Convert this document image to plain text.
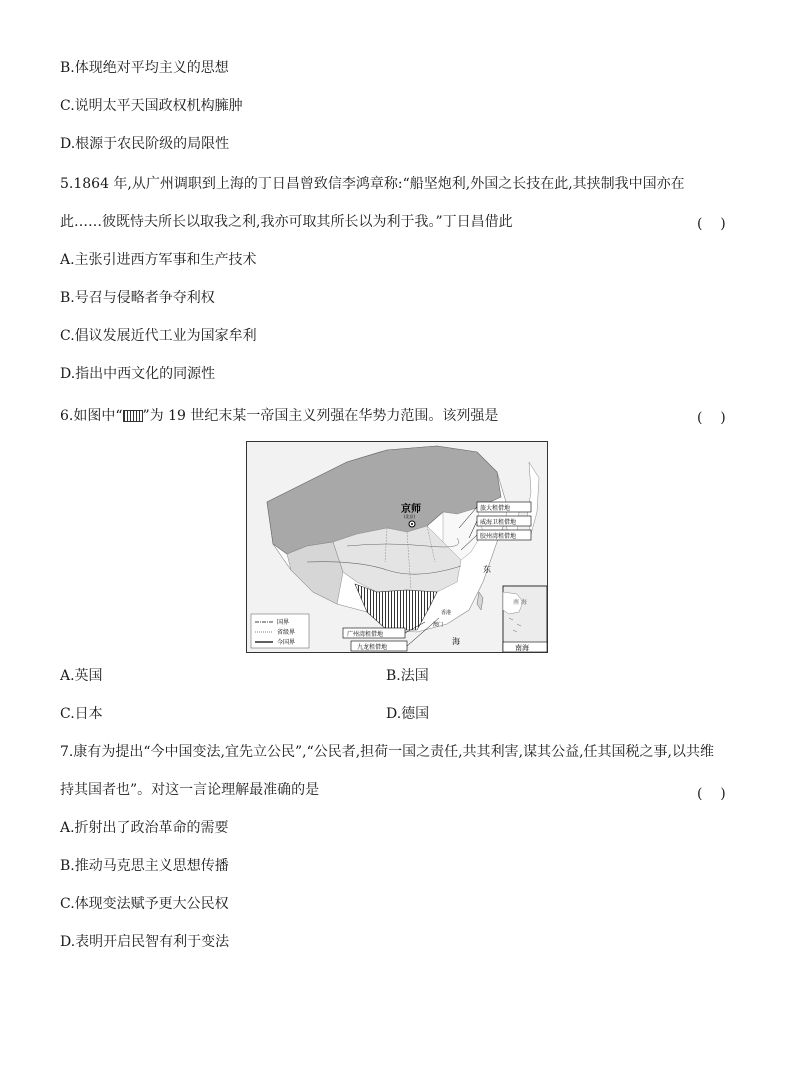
B.体现绝对平均主义的思想
C.说明太平天国政权机构臃肿
D.根源于农民阶级的局限性
5.1864 年,从广州调职到上海的丁日昌曾致信李鸿章称:“船坚炮利,外国之长技在此,其挟制我中国亦在
此……彼既恃夫所长以取我之利,我亦可取其所长以为利于我。”丁日昌借此	(    )
A.主张引进西方军事和生产技术
B.号召与侵略者争夺利权
C.倡议发展近代工业为国家牟利
D.指出中西文化的同源性
6.如图中“ ”为 19 世纪末某一帝国主义列强在华势力范围。该列强是	(    )
京师
(北京)
旅大租借地
威海卫租借地
胶州湾租借地
广州湾租借地
九龙租借地
香港
澳门
东
海
国界
省级界
今国界
南 海
南海
A.英国	B.法国
C.日本	D.德国
7.康有为提出“今中国变法,宜先立公民”,“公民者,担荷一国之责任,共其利害,谋其公益,任其国税之事,以共维
持其国者也”。对这一言论理解最准确的是	(    )
A.折射出了政治革命的需要
B.推动马克思主义思想传播
C.体现变法赋予更大公民权
D.表明开启民智有利于变法
